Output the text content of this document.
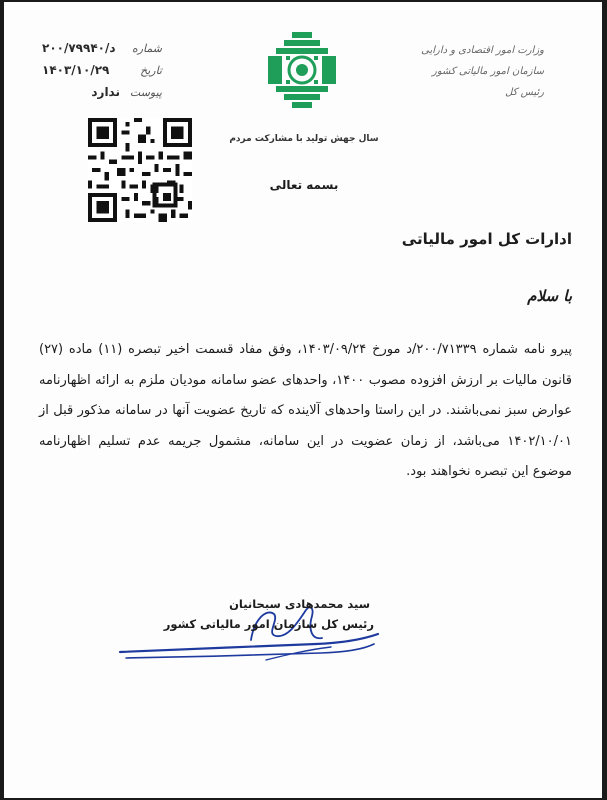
شماره
۲۰۰/۷۹۹۴۰/د
تاریخ
۱۴۰۳/۱۰/۲۹
پیوست
ندارد
سال جهش تولید با مشارکت مردم
وزارت امور اقتصادی و دارایی
سازمان امور مالیاتی کشور
رئیس کل
بسمه تعالی
ادارات کل امور مالیاتی
با سلام
پیرو نامه شماره ۲۰۰/۷۱۳۳۹/د مورخ ۱۴۰۳/۰۹/۲۴، وفق مفاد قسمت اخیر تبصره (۱۱) ماده (۲۷) قانون مالیات بر ارزش افزوده مصوب ۱۴۰۰، واحدهای عضو سامانه مودیان ملزم به ارائه اظهارنامه عوارض سبز نمی‌باشند. در این راستا واحدهای آلاینده که تاریخ عضویت آنها در سامانه مذکور قبل از ۱۴۰۲/۱۰/۰۱ می‌باشد، از زمان عضویت در این سامانه، مشمول جریمه عدم تسلیم اظهارنامه موضوع این تبصره نخواهند بود.
سید محمدهادی سبحانیان
رئیس کل سازمان امور مالیاتی کشور
